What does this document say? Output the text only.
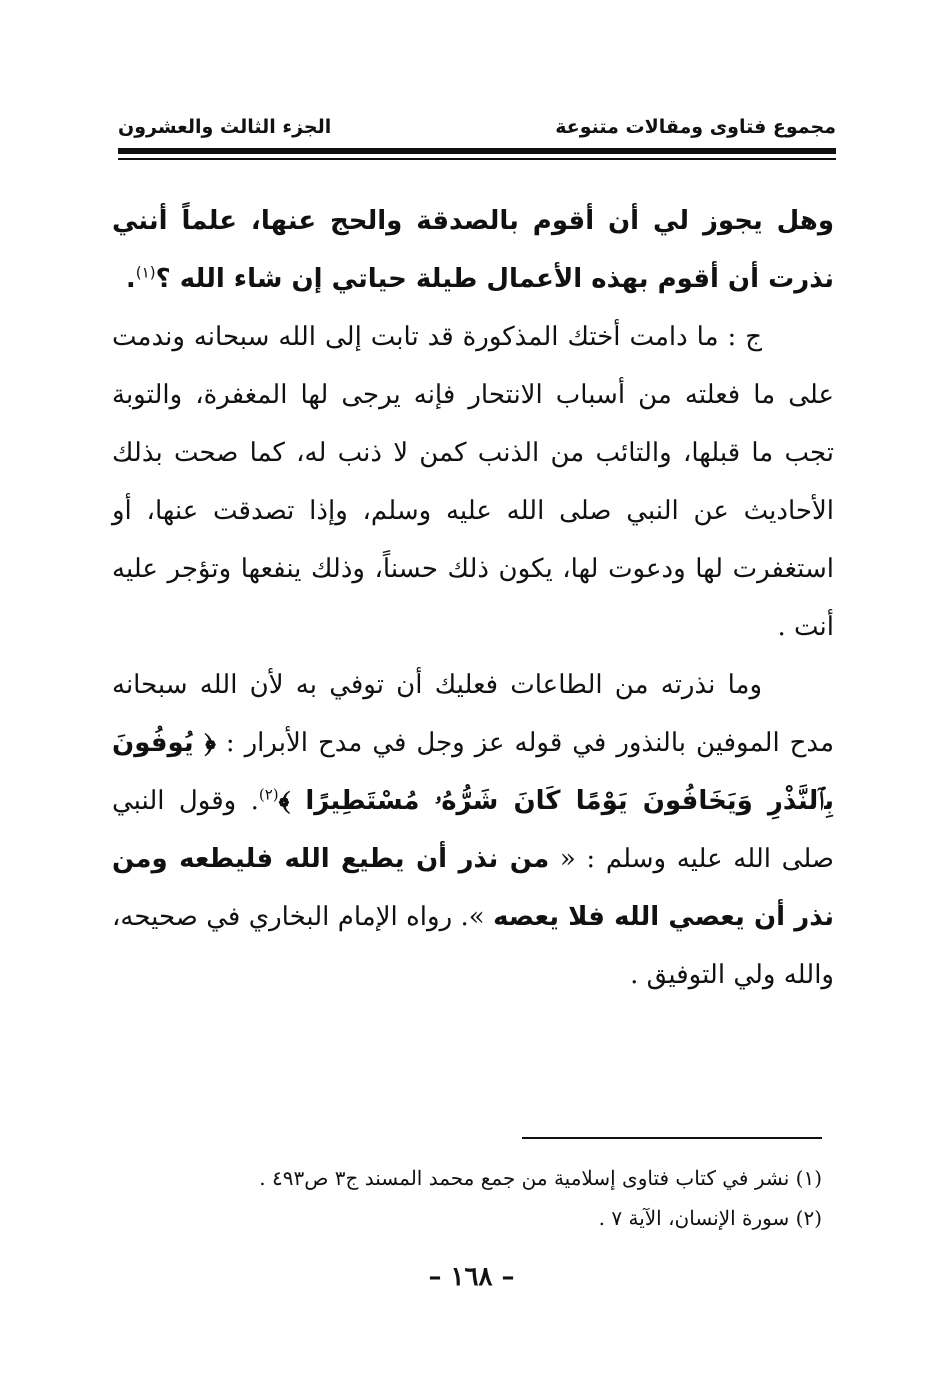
مجموع فتاوى ومقالات متنوعة
الجزء الثالث والعشرون

وهل يجوز لي أن أقوم بالصدقة والحج عنها، علماً أنني نذرت أن أقوم بهذه الأعمال طيلة حياتي إن شاء الله ؟$^{(١)}$.

ج : ما دامت أختك المذكورة قد تابت إلى الله سبحانه وندمت على ما فعلته من أسباب الانتحار فإنه يرجى لها المغفرة، والتوبة تجب ما قبلها، والتائب من الذنب كمن لا ذنب له، كما صحت بذلك الأحاديث عن النبي صلى الله عليه وسلم، وإذا تصدقت عنها، أو استغفرت لها ودعوت لها، يكون ذلك حسناً، وذلك ينفعها وتؤجر عليه أنت .

وما نذرته من الطاعات فعليك أن توفي به لأن الله سبحانه مدح الموفين بالنذور في قوله عز وجل في مدح الأبرار : ﴿ يُوفُونَ بِٱلنَّذْرِ وَيَخَافُونَ يَوْمًا كَانَ شَرُّهُۥ مُسْتَطِيرًا ﴾$^{(٢)}$. وقول النبي صلى الله عليه وسلم : « من نذر أن يطيع الله فليطعه ومن نذر أن يعصي الله فلا يعصه ». رواه الإمام البخاري في صحيحه، والله ولي التوفيق .

(١) نشر في كتاب فتاوى إسلامية من جمع محمد المسند ج٣ ص٤٩٣ .

(٢) سورة الإنسان، الآية ٧ .

– ١٦٨ –
